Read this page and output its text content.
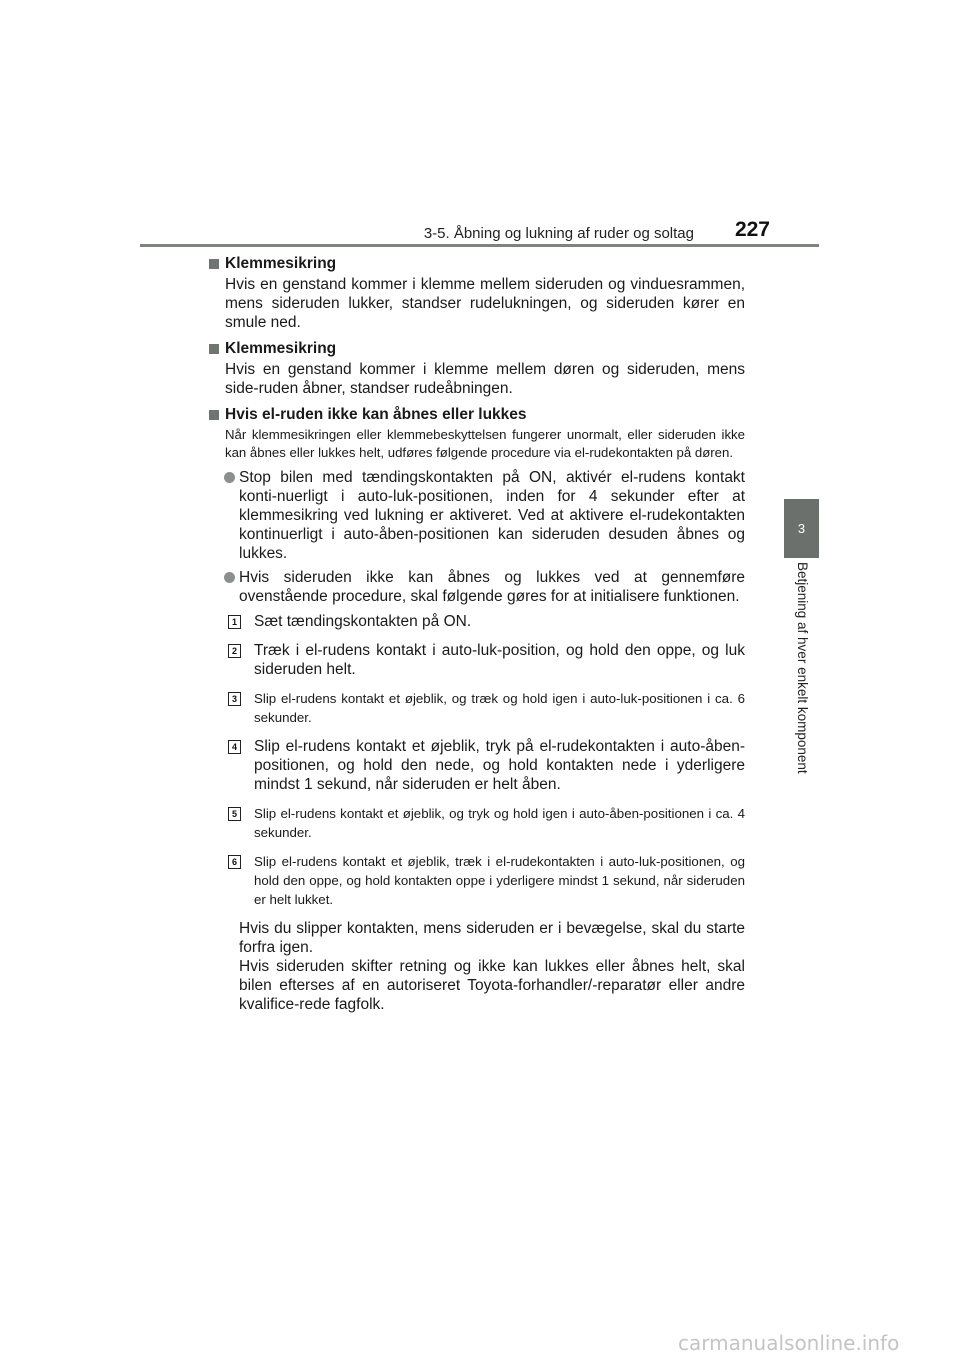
3-5. Åbning og lukning af ruder og soltag 227
3
Betjening af hver enkelt komponent
Klemmesikring
Hvis en genstand kommer i klemme mellem sideruden og vinduesrammen, mens sideruden lukker, standser rudelukningen, og sideruden kører en smule ned.
Klemmesikring
Hvis en genstand kommer i klemme mellem døren og sideruden, mens side-ruden åbner, standser rudeåbningen.
Hvis el-ruden ikke kan åbnes eller lukkes
Når klemmesikringen eller klemmebeskyttelsen fungerer unormalt, eller sideruden ikke kan åbnes eller lukkes helt, udføres følgende procedure via el-rudekontakten på døren.
Stop bilen med tændingskontakten på ON, aktivér el-rudens kontakt konti-nuerligt i auto-luk-positionen, inden for 4 sekunder efter at klemmesikring ved lukning er aktiveret. Ved at aktivere el-rudekontakten kontinuerligt i auto-åben-positionen kan sideruden desuden åbnes og lukkes.
Hvis sideruden ikke kan åbnes og lukkes ved at gennemføre ovenstående procedure, skal følgende gøres for at initialisere funktionen.
1 Sæt tændingskontakten på ON.
2 Træk i el-rudens kontakt i auto-luk-position, og hold den oppe, og luk sideruden helt.
3	Slip el-rudens kontakt et øjeblik, og træk og hold igen i auto-luk-positionen i ca. 6 sekunder.
4 Slip el-rudens kontakt et øjeblik, tryk på el-rudekontakten i auto-åben-positionen, og hold den nede, og hold kontakten nede i yderligere mindst 1 sekund, når sideruden er helt åben.
5	Slip el-rudens kontakt et øjeblik, og tryk og hold igen i auto-åben-positionen i ca. 4 sekunder.
6	Slip el-rudens kontakt et øjeblik, træk i el-rudekontakten i auto-luk-positionen, og hold den oppe, og hold kontakten oppe i yderligere mindst 1 sekund, når sideruden er helt lukket.

Hvis du slipper kontakten, mens sideruden er i bevægelse, skal du starte forfra igen.

Hvis sideruden skifter retning og ikke kan lukkes eller åbnes helt, skal bilen efterses af en autoriseret Toyota-forhandler/-reparatør eller andre kvalifice-rede fagfolk.

carmanualsonline.info
